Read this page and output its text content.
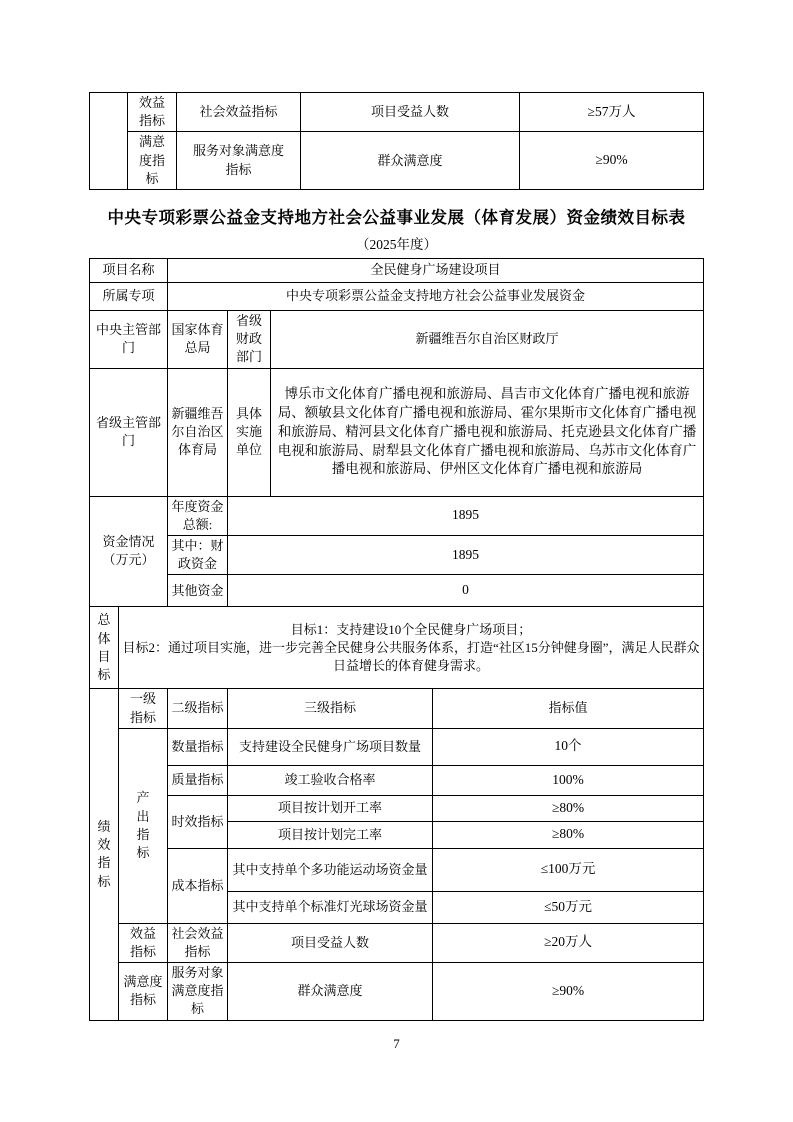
	效益指标	社会效益指标	项目受益人数	≥57万人

	满意度指标	服务对象满意度指标	群众满意度	≥90%
中央专项彩票公益金支持地方社会公益事业发展（体育发展）资金绩效目标表
（2025年度）
项目名称		全民健身广场建设项目			
所属专项		中央专项彩票公益金支持地方社会公益事业发展资金			
中央主管部门		国家体育总局	省级财政部门	新疆维吾尔自治区财政厅	
省级主管部门		新疆维吾尔自治区体育局	具体实施单位	博乐市文化体育广播电视和旅游局、昌吉市文化体育广播电视和旅游局、额敏县文化体育广播电视和旅游局、霍尔果斯市文化体育广播电视和旅游局、精河县文化体育广播电视和旅游局、托克逊县文化体育广播电视和旅游局、尉犁县文化体育广播电视和旅游局、乌苏市文化体育广播电视和旅游局、伊州区文化体育广播电视和旅游局	

资金情况（万元）		年度资金总额:	1895		
		其中：财政资金	1895		
		其他资金	0		

总体目标	目标1：支持建设10个全民健身广场项目；
目标2：通过项目实施，进一步完善全民健身公共服务体系，打造“社区15分钟健身圈”，满足人民群众日益增长的体育健身需求。				

绩效指标	一级指标	二级指标	三级指标		指标值

	产出指标	数量指标	支持建设全民健身广场项目数量		10个
		质量指标	竣工验收合格率		100%
		时效指标	项目按计划开工率		≥80%
			项目按计划完工率		≥80%
		成本指标	其中支持单个多功能运动场资金量		≤100万元
			其中支持单个标准灯光球场资金量		≤50万元

	效益指标	社会效益指标	项目受益人数		≥20万人
	满意度指标	服务对象满意度指标	群众满意度		≥90%
7
